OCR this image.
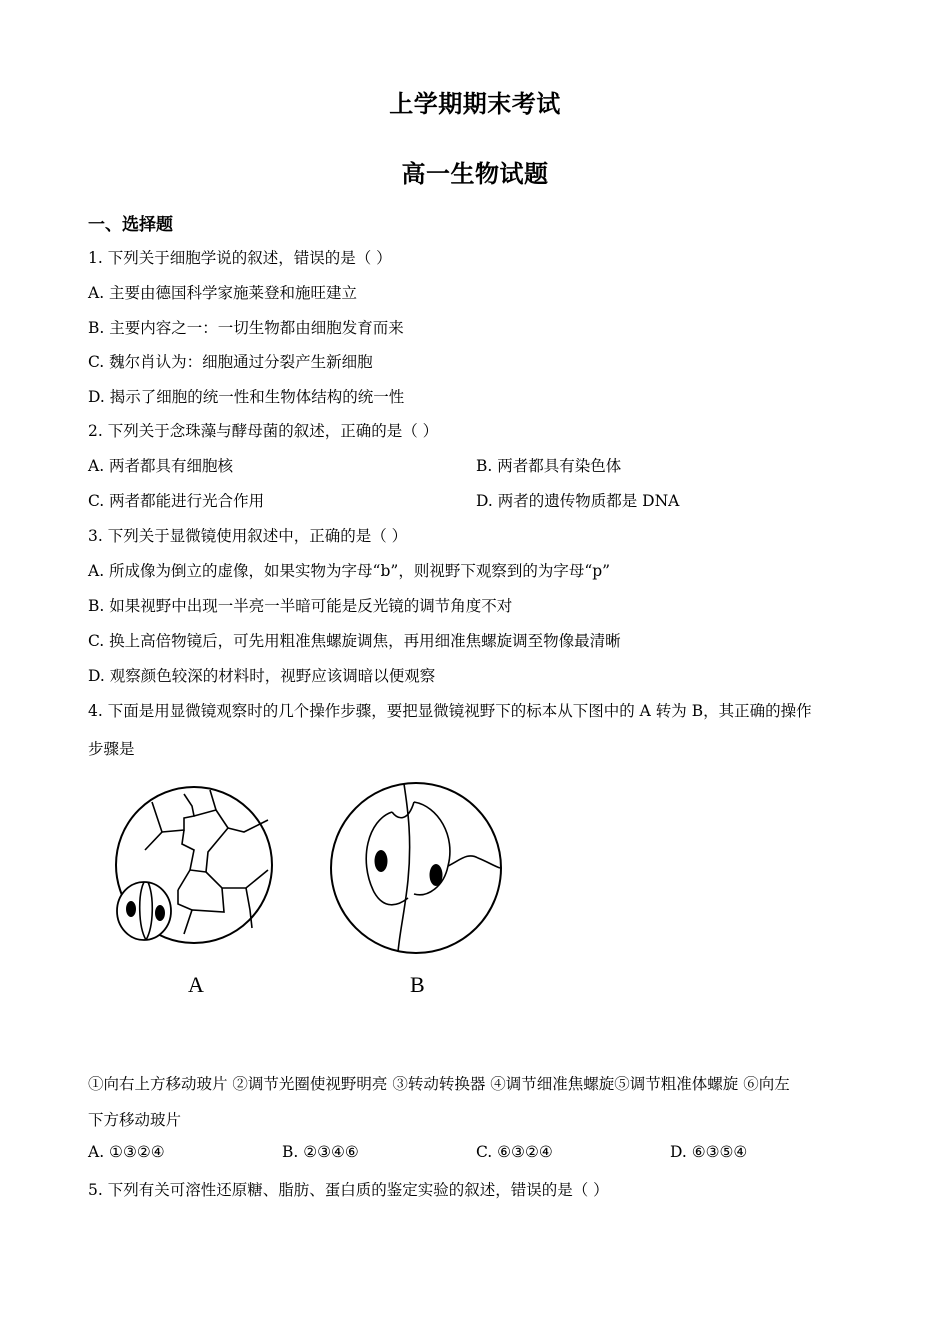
上学期期末考试
高一生物试题
一、选择题
1. 下列关于细胞学说的叙述，错误的是（ ）
A. 主要由德国科学家施莱登和施旺建立
B. 主要内容之一：一切生物都由细胞发育而来
C. 魏尔肖认为：细胞通过分裂产生新细胞
D. 揭示了细胞的统一性和生物体结构的统一性
2. 下列关于念珠藻与酵母菌的叙述，正确的是（ ）
A. 两者都具有细胞核	B. 两者都具有染色体
C. 两者都能进行光合作用	D. 两者的遗传物质都是 DNA
3. 下列关于显微镜使用叙述中，正确的是（ ）
A. 所成像为倒立的虚像，如果实物为字母“b”，则视野下观察到的为字母“p”
B. 如果视野中出现一半亮一半暗可能是反光镜的调节角度不对
C. 换上高倍物镜后，可先用粗准焦螺旋调焦，再用细准焦螺旋调至物像最清晰
D. 观察颜色较深的材料时，视野应该调暗以便观察
4. 下面是用显微镜观察时的几个操作步骤，要把显微镜视野下的标本从下图中的 A 转为 B，其正确的操作
步骤是
A	B
①向右上方移动玻片 ②调节光圈使视野明亮 ③转动转换器 ④调节细准焦螺旋⑤调节粗准体螺旋 ⑥向左
下方移动玻片
A. ①③②④	B. ②③④⑥	C. ⑥③②④	D. ⑥③⑤④
5. 下列有关可溶性还原糖、脂肪、蛋白质的鉴定实验的叙述，错误的是（ ）
